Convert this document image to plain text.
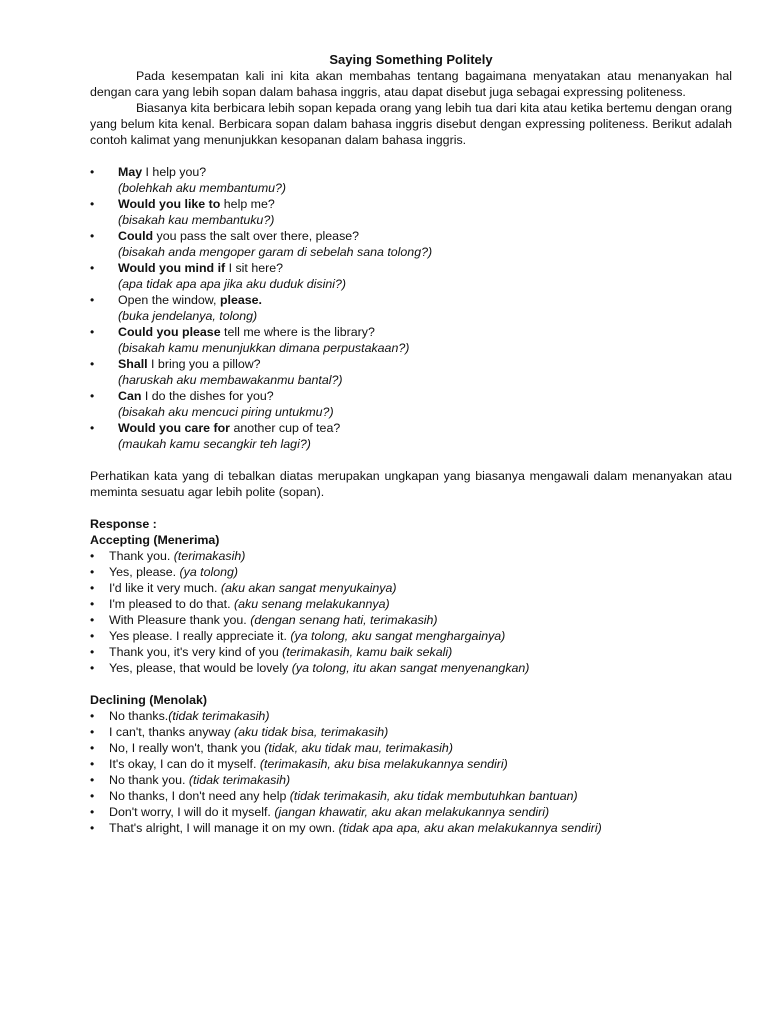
Saying Something Politely

Pada kesempatan kali ini kita akan membahas tentang bagaimana menyatakan atau menanyakan hal dengan cara yang lebih sopan dalam bahasa inggris, atau dapat disebut juga sebagai expressing politeness.

Biasanya kita berbicara lebih sopan kepada orang yang lebih tua dari kita atau ketika bertemu dengan orang yang belum kita kenal. Berbicara sopan dalam bahasa inggris disebut dengan expressing politeness. Berikut adalah contoh kalimat yang menunjukkan kesopanan dalam bahasa inggris.

• May I help you?
(bolehkah aku membantumu?)
• Would you like to help me?
(bisakah kau membantuku?)
• Could you pass the salt over there, please?
(bisakah anda mengoper garam di sebelah sana tolong?)
• Would you mind if I sit here?
(apa tidak apa apa jika aku duduk disini?)
• Open the window, please.
(buka jendelanya, tolong)
• Could you please tell me where is the library?
(bisakah kamu menunjukkan dimana perpustakaan?)
• Shall I bring you a pillow?
(haruskah aku membawakanmu bantal?)
• Can I do the dishes for you?
(bisakah aku mencuci piring untukmu?)
• Would you care for another cup of tea?
(maukah kamu secangkir teh lagi?)

Perhatikan kata yang di tebalkan diatas merupakan ungkapan yang biasanya mengawali dalam menanyakan atau meminta sesuatu agar lebih polite (sopan).

Response :
Accepting (Menerima)
• Thank you. (terimakasih)
• Yes, please. (ya tolong)
• I'd like it very much. (aku akan sangat menyukainya)
• I'm pleased to do that. (aku senang melakukannya)
• With Pleasure thank you. (dengan senang hati, terimakasih)
• Yes please. I really appreciate it. (ya tolong, aku sangat menghargainya)
• Thank you, it's very kind of you (terimakasih, kamu baik sekali)
• Yes, please, that would be lovely (ya tolong, itu akan sangat menyenangkan)
Declining (Menolak)
• No thanks.(tidak terimakasih)
• I can't, thanks anyway (aku tidak bisa, terimakasih)
• No, I really won't, thank you (tidak, aku tidak mau, terimakasih)
• It's okay, I can do it myself. (terimakasih, aku bisa melakukannya sendiri)
• No thank you. (tidak terimakasih)
• No thanks, I don't need any help (tidak terimakasih, aku tidak membutuhkan bantuan)
• Don't worry, I will do it myself. (jangan khawatir, aku akan melakukannya sendiri)
• That's alright, I will manage it on my own. (tidak apa apa, aku akan melakukannya sendiri)
